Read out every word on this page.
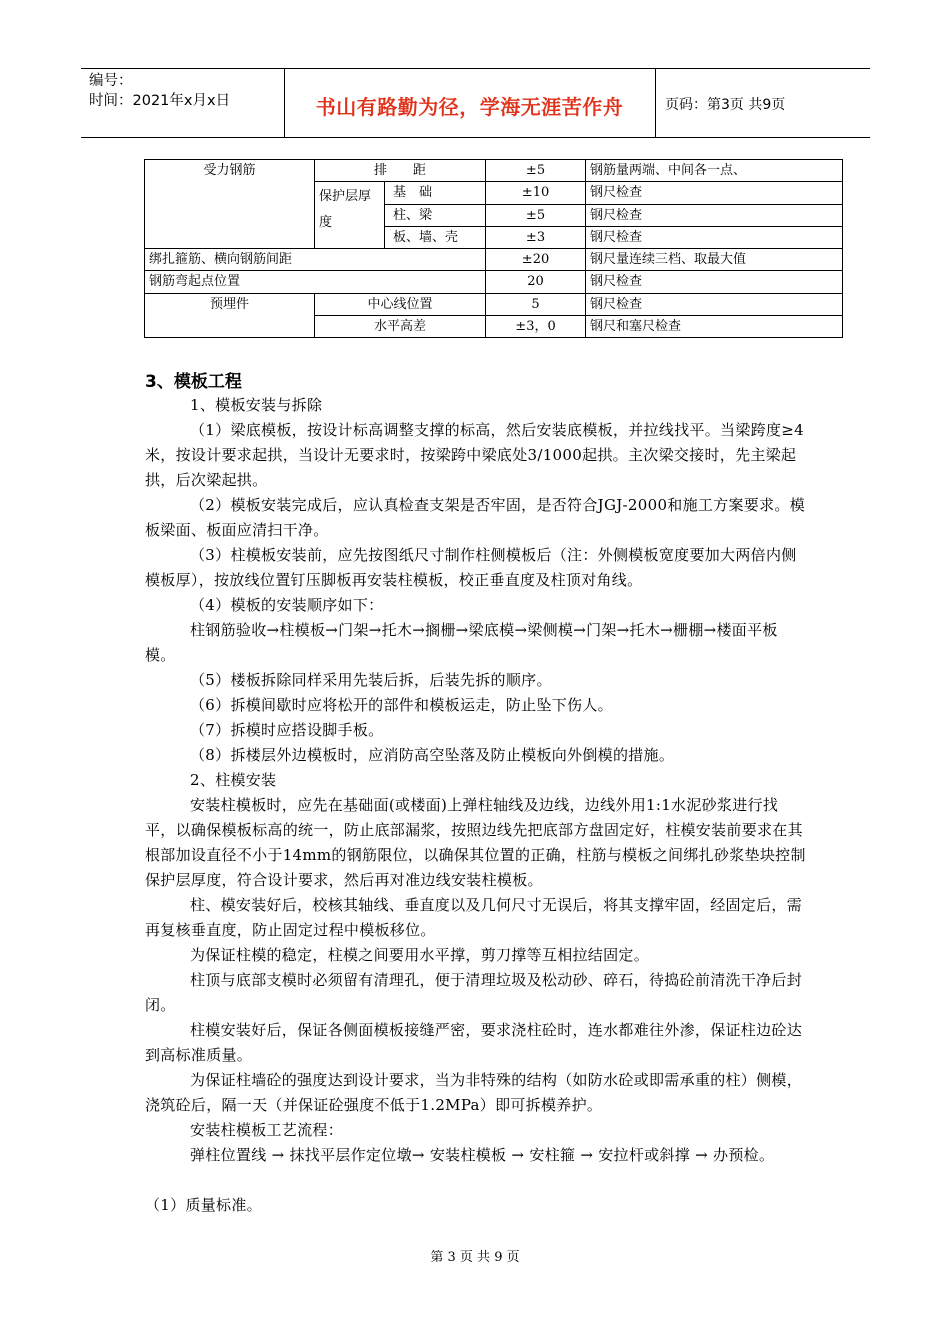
编号：
时间：2021年x月x日	书山有路勤为径，学海无涯苦作舟	页码：第3页 共9页
受力钢筋	排　　距		±5	钢筋量两端、中间各一点、
	保护层厚度	基　础	±10	钢尺检查
		柱、梁	±5	钢尺检查
		板、墙、壳	±3	钢尺检查
绑扎箍筋、横向钢筋间距			±20	钢尺量连续三档、取最大值
钢筋弯起点位置			20	钢尺检查
预埋件	中心线位置		5	钢尺检查
	水平高差		±3，0	钢尺和塞尺检查
3、模板工程
1、模板安装与拆除
（1）梁底模板，按设计标高调整支撑的标高，然后安装底模板，并拉线找平。当梁跨度≥4米，按设计要求起拱，当设计无要求时，按梁跨中梁底处3/1000起拱。主次梁交接时，先主梁起拱，后次梁起拱。
（2）模板安装完成后，应认真检查支架是否牢固，是否符合JGJ-2000和施工方案要求。模板梁面、板面应清扫干净。
（3）柱模板安装前，应先按图纸尺寸制作柱侧模板后（注：外侧模板宽度要加大两倍内侧模板厚），按放线位置钉压脚板再安装柱模板，校正垂直度及柱顶对角线。
（4）模板的安装顺序如下：
柱钢筋验收→柱模板→门架→托木→搁栅→梁底模→梁侧模→门架→托木→栅棚→楼面平板模。
（5）楼板拆除同样采用先装后拆，后装先拆的顺序。
（6）拆模间歇时应将松开的部件和模板运走，防止坠下伤人。
（7）拆模时应搭设脚手板。
（8）拆楼层外边模板时，应消防高空坠落及防止模板向外倒模的措施。
2、柱模安装
安装柱模板时，应先在基础面(或楼面)上弹柱轴线及边线，边线外用1:1水泥砂浆进行找平，以确保模板标高的统一，防止底部漏浆，按照边线先把底部方盘固定好，柱模安装前要求在其根部加设直径不小于14mm的钢筋限位，以确保其位置的正确，柱筋与模板之间绑扎砂浆垫块控制保护层厚度，符合设计要求，然后再对准边线安装柱模板。
柱、模安装好后，校核其轴线、垂直度以及几何尺寸无误后，将其支撑牢固，经固定后，需再复核垂直度，防止固定过程中模板移位。
为保证柱模的稳定，柱模之间要用水平撑，剪刀撑等互相拉结固定。
柱顶与底部支模时必须留有清理孔，便于清理垃圾及松动砂、碎石，待捣砼前清洗干净后封闭。
柱模安装好后，保证各侧面模板接缝严密，要求浇柱砼时，连水都难往外渗，保证柱边砼达到高标准质量。
为保证柱墙砼的强度达到设计要求，当为非特殊的结构（如防水砼或即需承重的柱）侧模，浇筑砼后，隔一天（并保证砼强度不低于1.2MPa）即可拆模养护。
安装柱模板工艺流程：
弹柱位置线 → 抹找平层作定位墩→ 安装柱模板 → 安柱箍 → 安拉杆或斜撑 → 办预检。
（1）质量标准。
第 3 页 共 9 页
